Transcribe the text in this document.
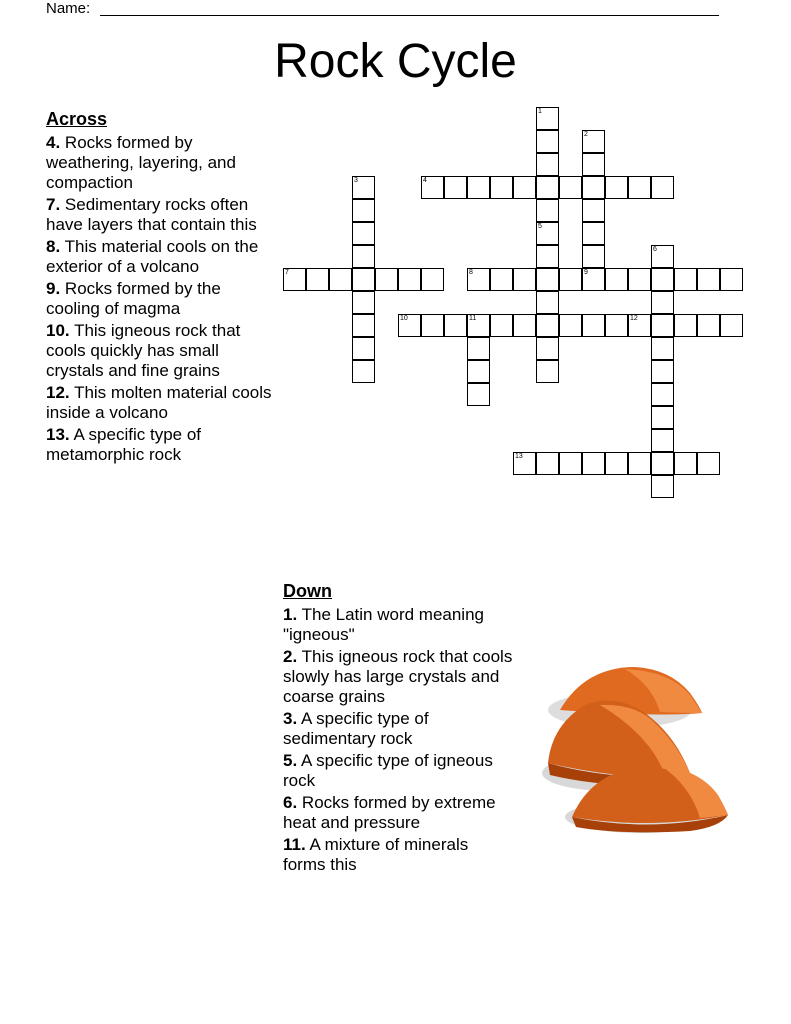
Name:
Rock Cycle
Across
4. Rocks formed by weathering, layering, and compaction
7. Sedimentary rocks often have layers that contain this
8. This material cools on the exterior of a volcano
9. Rocks formed by the cooling of magma
10. This igneous rock that cools quickly has small crystals and fine grains
12. This molten material cools inside a volcano
13. A specific type of metamorphic rock
Down
1. The Latin word meaning "igneous"
2. This igneous rock that cools slowly has large crystals and coarse grains
3. A specific type of sedimentary rock
5. A specific type of igneous rock
6. Rocks formed by extreme heat and pressure
11. A mixture of minerals forms this
1
2
9
3	4
5
6
7	8
10	11	12
13
